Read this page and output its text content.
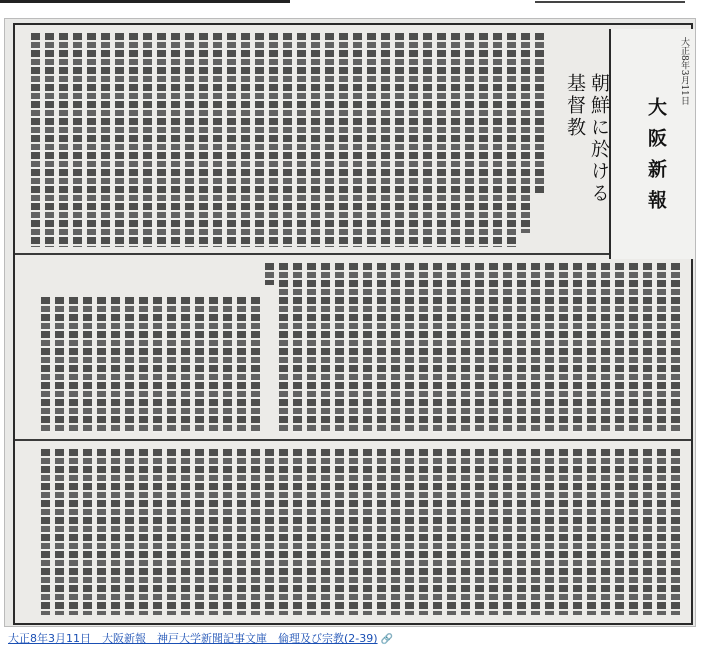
大正8年3月11日
大阪新報
朝鮮に於ける
基督教
大正8年3月11日　大阪新報　神戸大学新聞記事文庫　倫理及び宗教(2-39) 🔗
